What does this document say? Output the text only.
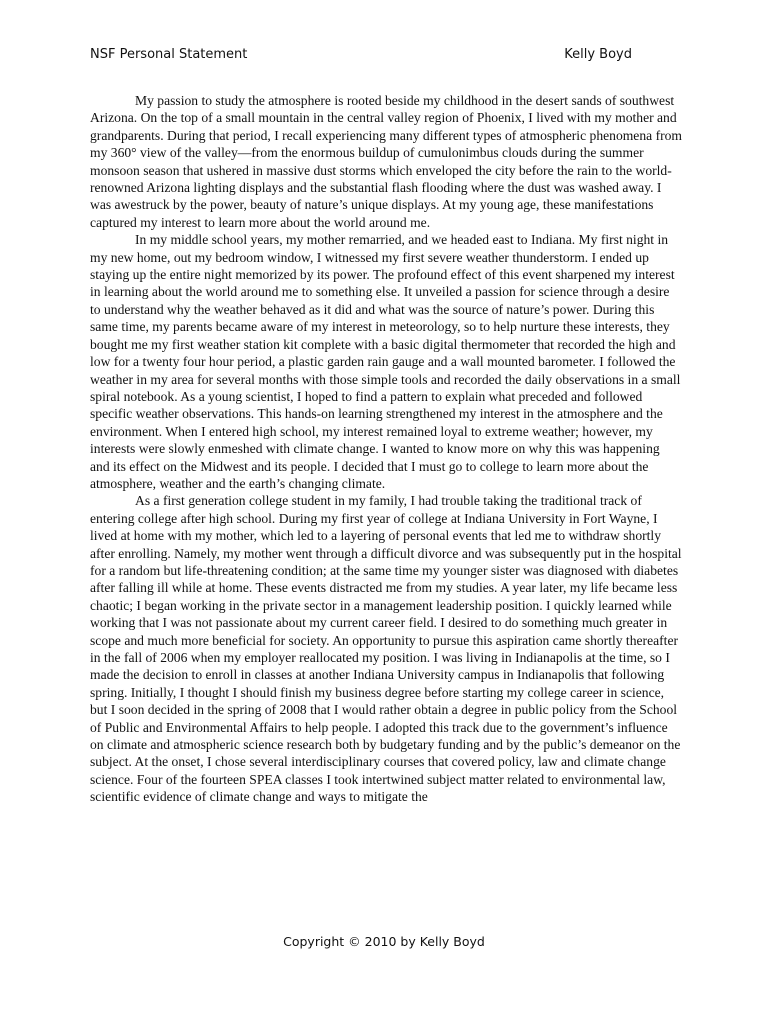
NSF Personal Statement	Kelly Boyd

My passion to study the atmosphere is rooted beside my childhood in the desert sands of southwest Arizona. On the top of a small mountain in the central valley region of Phoenix, I lived with my mother and grandparents. During that period, I recall experiencing many different types of atmospheric phenomena from my 360° view of the valley—from the enormous buildup of cumulonimbus clouds during the summer monsoon season that ushered in massive dust storms which enveloped the city before the rain to the world-renowned Arizona lighting displays and the substantial flash flooding where the dust was washed away. I was awestruck by the power, beauty of nature’s unique displays. At my young age, these manifestations captured my interest to learn more about the world around me.

In my middle school years, my mother remarried, and we headed east to Indiana. My first night in my new home, out my bedroom window, I witnessed my first severe weather thunderstorm. I ended up staying up the entire night memorized by its power. The profound effect of this event sharpened my interest in learning about the world around me to something else. It unveiled a passion for science through a desire to understand why the weather behaved as it did and what was the source of nature’s power. During this same time, my parents became aware of my interest in meteorology, so to help nurture these interests, they bought me my first weather station kit complete with a basic digital thermometer that recorded the high and low for a twenty four hour period, a plastic garden rain gauge and a wall mounted barometer. I followed the weather in my area for several months with those simple tools and recorded the daily observations in a small spiral notebook. As a young scientist, I hoped to find a pattern to explain what preceded and followed specific weather observations. This hands-on learning strengthened my interest in the atmosphere and the environment. When I entered high school, my interest remained loyal to extreme weather; however, my interests were slowly enmeshed with climate change. I wanted to know more on why this was happening and its effect on the Midwest and its people. I decided that I must go to college to learn more about the atmosphere, weather and the earth’s changing climate.

As a first generation college student in my family, I had trouble taking the traditional track of entering college after high school. During my first year of college at Indiana University in Fort Wayne, I lived at home with my mother, which led to a layering of personal events that led me to withdraw shortly after enrolling. Namely, my mother went through a difficult divorce and was subsequently put in the hospital for a random but life-threatening condition; at the same time my younger sister was diagnosed with diabetes after falling ill while at home. These events distracted me from my studies. A year later, my life became less chaotic; I began working in the private sector in a management leadership position. I quickly learned while working that I was not passionate about my current career field. I desired to do something much greater in scope and much more beneficial for society. An opportunity to pursue this aspiration came shortly thereafter in the fall of 2006 when my employer reallocated my position. I was living in Indianapolis at the time, so I made the decision to enroll in classes at another Indiana University campus in Indianapolis that following spring. Initially, I thought I should finish my business degree before starting my college career in science, but I soon decided in the spring of 2008 that I would rather obtain a degree in public policy from the School of Public and Environmental Affairs to help people. I adopted this track due to the government’s influence on climate and atmospheric science research both by budgetary funding and by the public’s demeanor on the subject. At the onset, I chose several interdisciplinary courses that covered policy, law and climate change science. Four of the fourteen SPEA classes I took intertwined subject matter related to environmental law, scientific evidence of climate change and ways to mitigate the

Copyright © 2010 by Kelly Boyd
